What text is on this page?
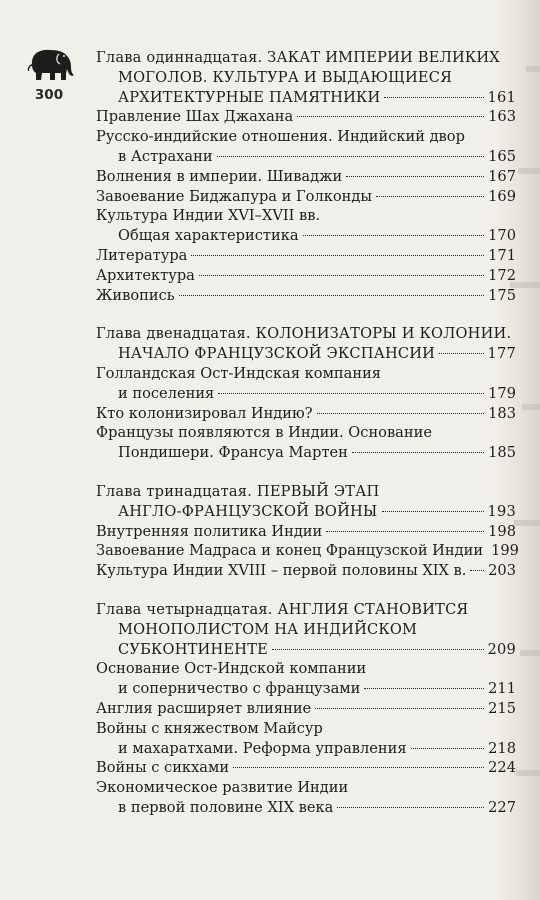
300
Глава одиннадцатая. ЗАКАТ ИМПЕРИИ ВЕЛИКИХ
МОГОЛОВ. КУЛЬТУРА И ВЫДАЮЩИЕСЯ
АРХИТЕКТУРНЫЕ ПАМЯТНИКИ	161
Правление Шах Джахана	163
Русско-индийские отношения. Индийский двор
в Астрахани	165
Волнения в империи. Шиваджи	167
Завоевание Биджапура и Голконды	169
Культура Индии XVI–XVII вв.
Общая характеристика	170
Литература	171
Архитектура	172
Живопись	175
Глава двенадцатая. КОЛОНИЗАТОРЫ И КОЛОНИИ.
НАЧАЛО ФРАНЦУЗСКОЙ ЭКСПАНСИИ	177
Голландская Ост-Индская компания
и поселения	179
Кто колонизировал Индию?	183
Французы появляются в Индии. Основание
Пондишери. Франсуа Мартен	185
Глава тринадцатая. ПЕРВЫЙ ЭТАП
АНГЛО-ФРАНЦУЗСКОЙ ВОЙНЫ	193
Внутренняя политика Индии	198
Завоевание Мадраса и конец Французской Индии 199
Культура Индии XVIII – первой половины XIX в. 203
Глава четырнадцатая. АНГЛИЯ СТАНОВИТСЯ
МОНОПОЛИСТОМ НА ИНДИЙСКОМ
СУБКОНТИНЕНТЕ	209
Основание Ост-Индской компании
и соперничество с французами	211
Англия расширяет влияние	215
Войны с княжеством Майсур
и махаратхами. Реформа управления	218
Войны с сикхами	224
Экономическое развитие Индии
в первой половине XIX века	227
